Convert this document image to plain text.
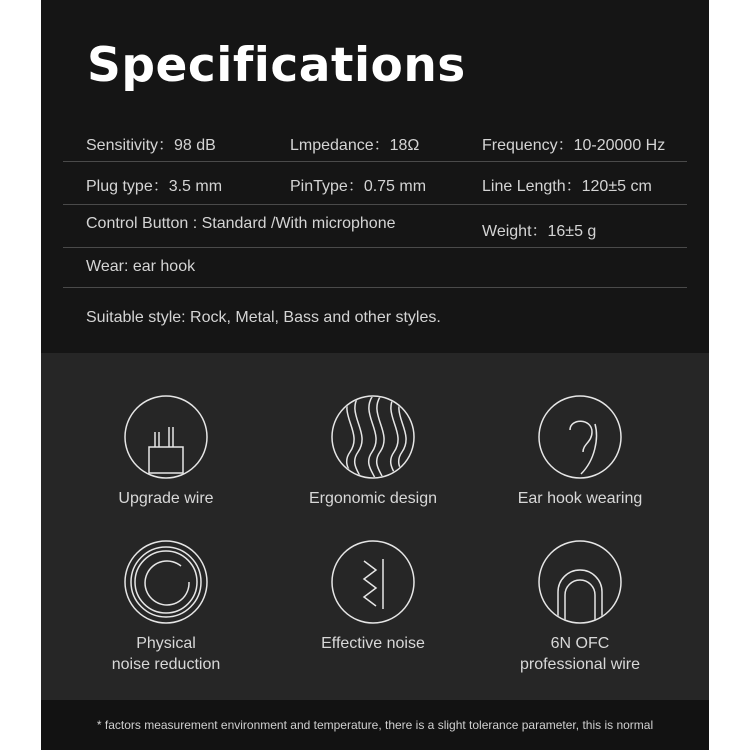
Specifications
Sensitivity：98 dB	Lmpedance：18Ω	Frequency：10-20000 Hz
Plug type：3.5 mm	PinType：0.75 mm	Line Length：120±5 cm
Control Button : Standard /With microphone	Weight：16±5 g
Wear: ear hook
Suitable style: Rock, Metal, Bass and other styles.
Upgrade wire	Ergonomic design	Ear hook wearing
Physical
noise reduction
Effective noise	6N OFC
professional wire
* factors measurement environment and temperature, there is a slight tolerance parameter, this is normal
